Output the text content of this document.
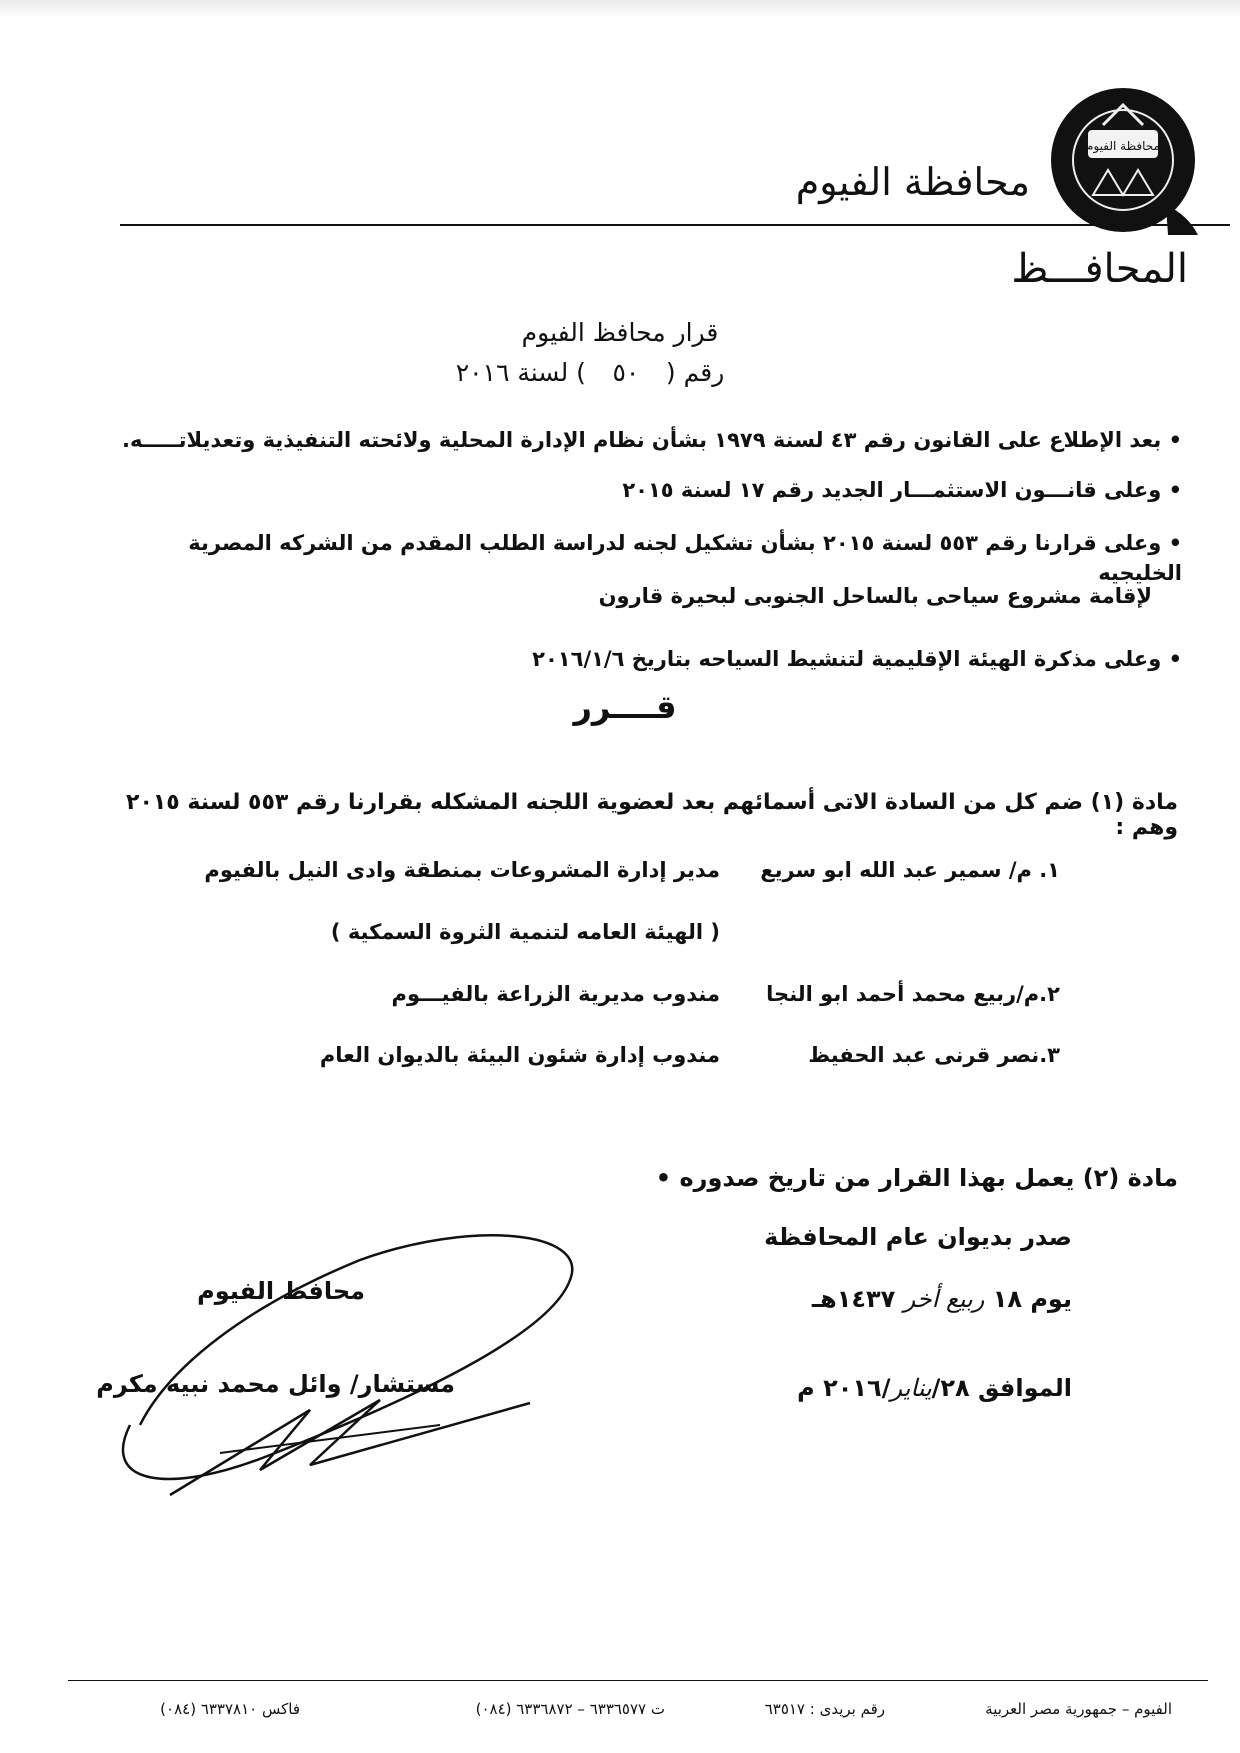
محافظة الفيوم
محافظة الفيوم
المحافـــظ
قرار محافظ الفيوم
رقم (٥٠) لسنة ٢٠١٦
• بعد الإطلاع على القانون رقم ٤٣ لسنة ١٩٧٩ بشأن نظام الإدارة المحلية ولائحته التنفيذية وتعديلاتـــــه.
• وعلى قانـــون الاستثمـــار الجديد رقم ١٧ لسنة ٢٠١٥
• وعلى قرارنا رقم ٥٥٣ لسنة ٢٠١٥ بشأن تشكيل لجنه لدراسة الطلب المقدم من الشركه المصرية الخليجيه
لإقامة مشروع سياحى بالساحل الجنوبى لبحيرة قارون
• وعلى مذكرة الهيئة الإقليمية لتنشيط السياحه بتاريخ ٢٠١٦/١/٦
قــــرر
مادة (١) ضم كل من السادة الاتى أسمائهم بعد لعضوية اللجنه المشكله بقرارنا رقم ٥٥٣ لسنة ٢٠١٥ وهم :
١. م/ سمير عبد الله ابو سريع
مدير إدارة المشروعات بمنطقة وادى النيل بالفيوم
( الهيئة العامه لتنمية الثروة السمكية )
٢.م/ربيع محمد أحمد ابو النجا
مندوب مديرية الزراعة بالفيـــوم
٣.نصر قرنى عبد الحفيظ
مندوب إدارة شئون البيئة بالديوان العام
مادة (٢) يعمل بهذا القرار من تاريخ صدوره •
صدر بديوان عام المحافظة
يوم ١٨ ربيع أخر ١٤٣٧هـ
الموافق ٢٨/يناير/٢٠١٦ م
محافظ الفيوم
مستشار/ وائل محمد نبيه مكرم
الفيوم – جمهورية مصر العربية
رقم بريدى : ٦٣٥١٧
ت ٦٣٣٦٥٧٧ – ٦٣٣٦٨٧٢ (٠٨٤)
فاكس ٦٣٣٧٨١٠ (٠٨٤)
